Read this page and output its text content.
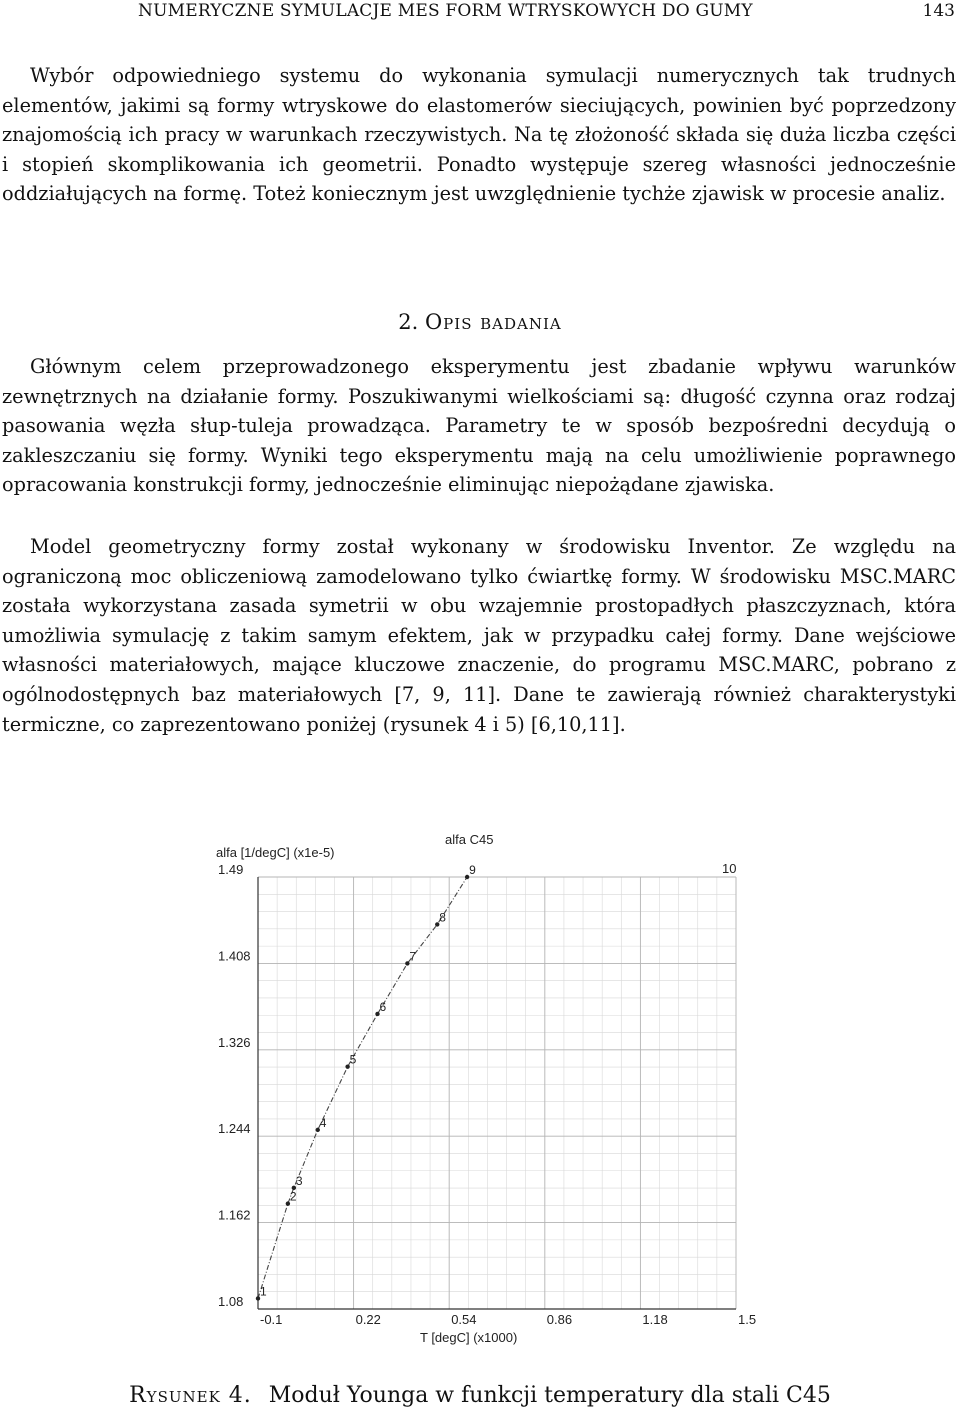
NUMERYCZNE SYMULACJE MES FORM WTRYSKOWYCH DO GUMY	143

Wybór odpowiedniego systemu do wykonania symulacji numerycznych tak trudnych elementów, jakimi są formy wtryskowe do elastomerów sieciujących, powinien być poprzedzony znajomością ich pracy w warunkach rzeczywistych. Na tę złożoność składa się duża liczba części i stopień skomplikowania ich geometrii. Ponadto występuje szereg własności jednocześnie oddziałujących na formę. Toteż koniecznym jest uwzględnienie tychże zjawisk w procesie analiz.

2. Opis badania

Głównym celem przeprowadzonego eksperymentu jest zbadanie wpływu warunków zewnętrznych na działanie formy. Poszukiwanymi wielkościami są: długość czynna oraz rodzaj pasowania węzła słup-tuleja prowadząca. Parametry te w sposób bezpośredni decydują o zakleszczaniu się formy. Wyniki tego eksperymentu mają na celu umożliwienie poprawnego opracowania konstrukcji formy, jednocześnie eliminując niepożądane zjawiska.

Model geometryczny formy został wykonany w środowisku Inventor. Ze względu na ograniczoną moc obliczeniową zamodelowano tylko ćwiartkę formy. W środowisku MSC.MARC została wykorzystana zasada symetrii w obu wzajemnie prostopadłych płaszczyznach, która umożliwia symulację z takim samym efektem, jak w przypadku całej formy. Dane wejściowe własności materiałowych, mające kluczowe znaczenie, do programu MSC.MARC, pobrano z ogólnodostępnych baz materiałowych [7, 9, 11]. Dane te zawierają również charakterystyki termiczne, co zaprezentowano poniżej (rysunek 4 i 5) [6,10,11].

1.08
1.162
1.244
1.326
1.408
1.49
-0.1	0.22	0.54	0.86	1.18	1.5
alfa C45
alfa [1/degC] (x1e-5)
T [degC] (x1000)
1
2
3
4
5
6
7
8
9	10
Rysunek 4. Moduł Younga w funkcji temperatury dla stali C45
